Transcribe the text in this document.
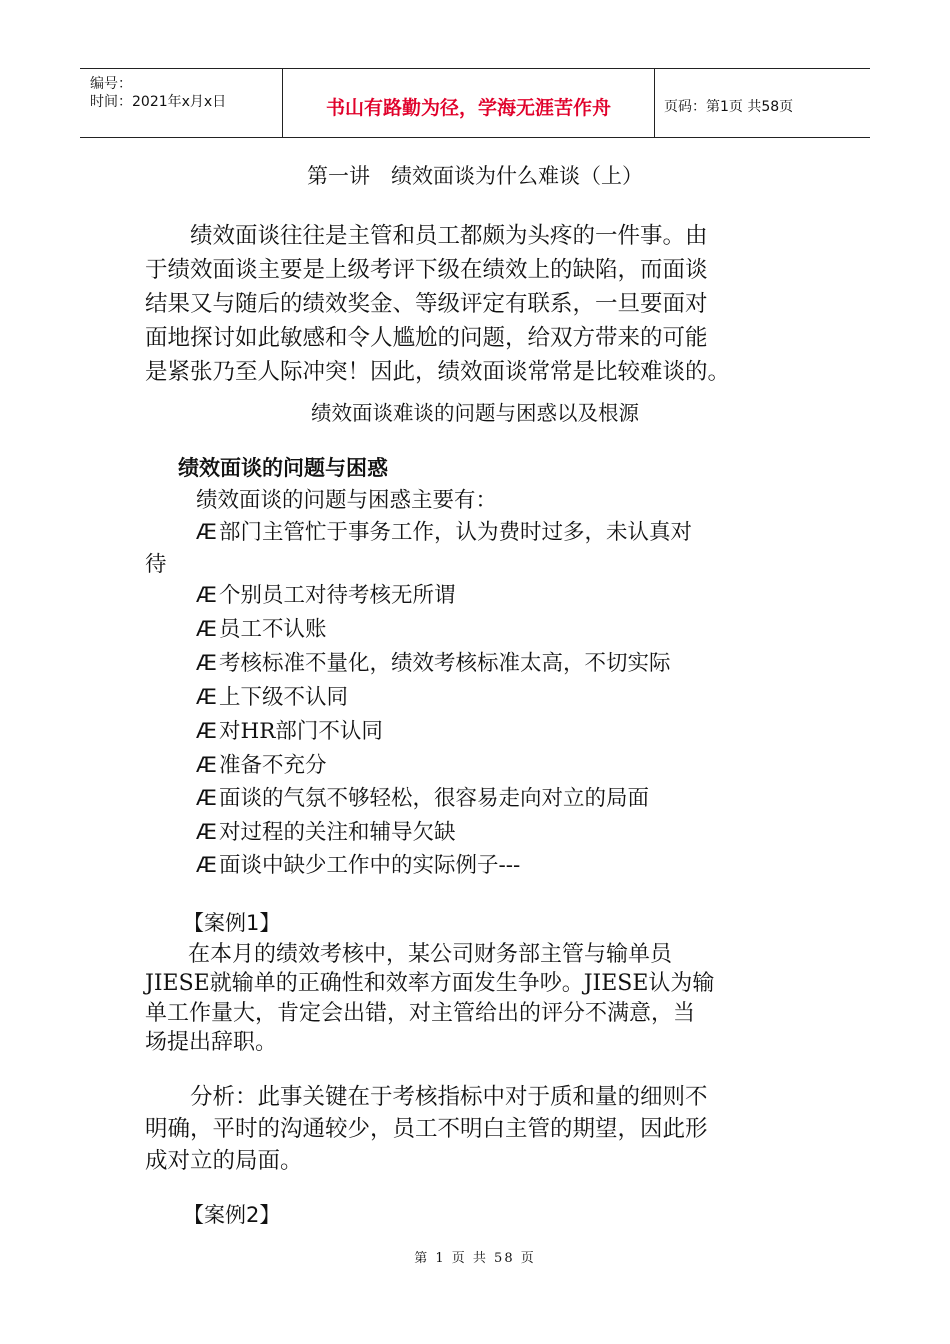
编号：
时间：2021年x月x日	书山有路勤为径，学海无涯苦作舟	页码：第1页 共58页
第一讲　绩效面谈为什么难谈（上）
　　绩效面谈往往是主管和员工都颇为头疼的一件事。由
于绩效面谈主要是上级考评下级在绩效上的缺陷，而面谈
结果又与随后的绩效奖金、等级评定有联系，一旦要面对
面地探讨如此敏感和令人尴尬的问题，给双方带来的可能
是紧张乃至人际冲突！因此，绩效面谈常常是比较难谈的。
绩效面谈难谈的问题与困惑以及根源
绩效面谈的问题与困惑
绩效面谈的问题与困惑主要有：
Æ部门主管忙于事务工作，认为费时过多，未认真对
待
Æ个别员工对待考核无所谓
Æ员工不认账
Æ考核标准不量化，绩效考核标准太高，不切实际
Æ上下级不认同
Æ对HR部门不认同
Æ准备不充分
Æ面谈的气氛不够轻松，很容易走向对立的局面
Æ对过程的关注和辅导欠缺
Æ面谈中缺少工作中的实际例子---
【案例1】
　在本月的绩效考核中，某公司财务部主管与输单员
JIESE就输单的正确性和效率方面发生争吵。JIESE认为输
单工作量大，肯定会出错，对主管给出的评分不满意，当
场提出辞职。
　　分析：此事关键在于考核指标中对于质和量的细则不
明确，平时的沟通较少，员工不明白主管的期望，因此形
成对立的局面。
【案例2】
第 1 页 共 58 页
